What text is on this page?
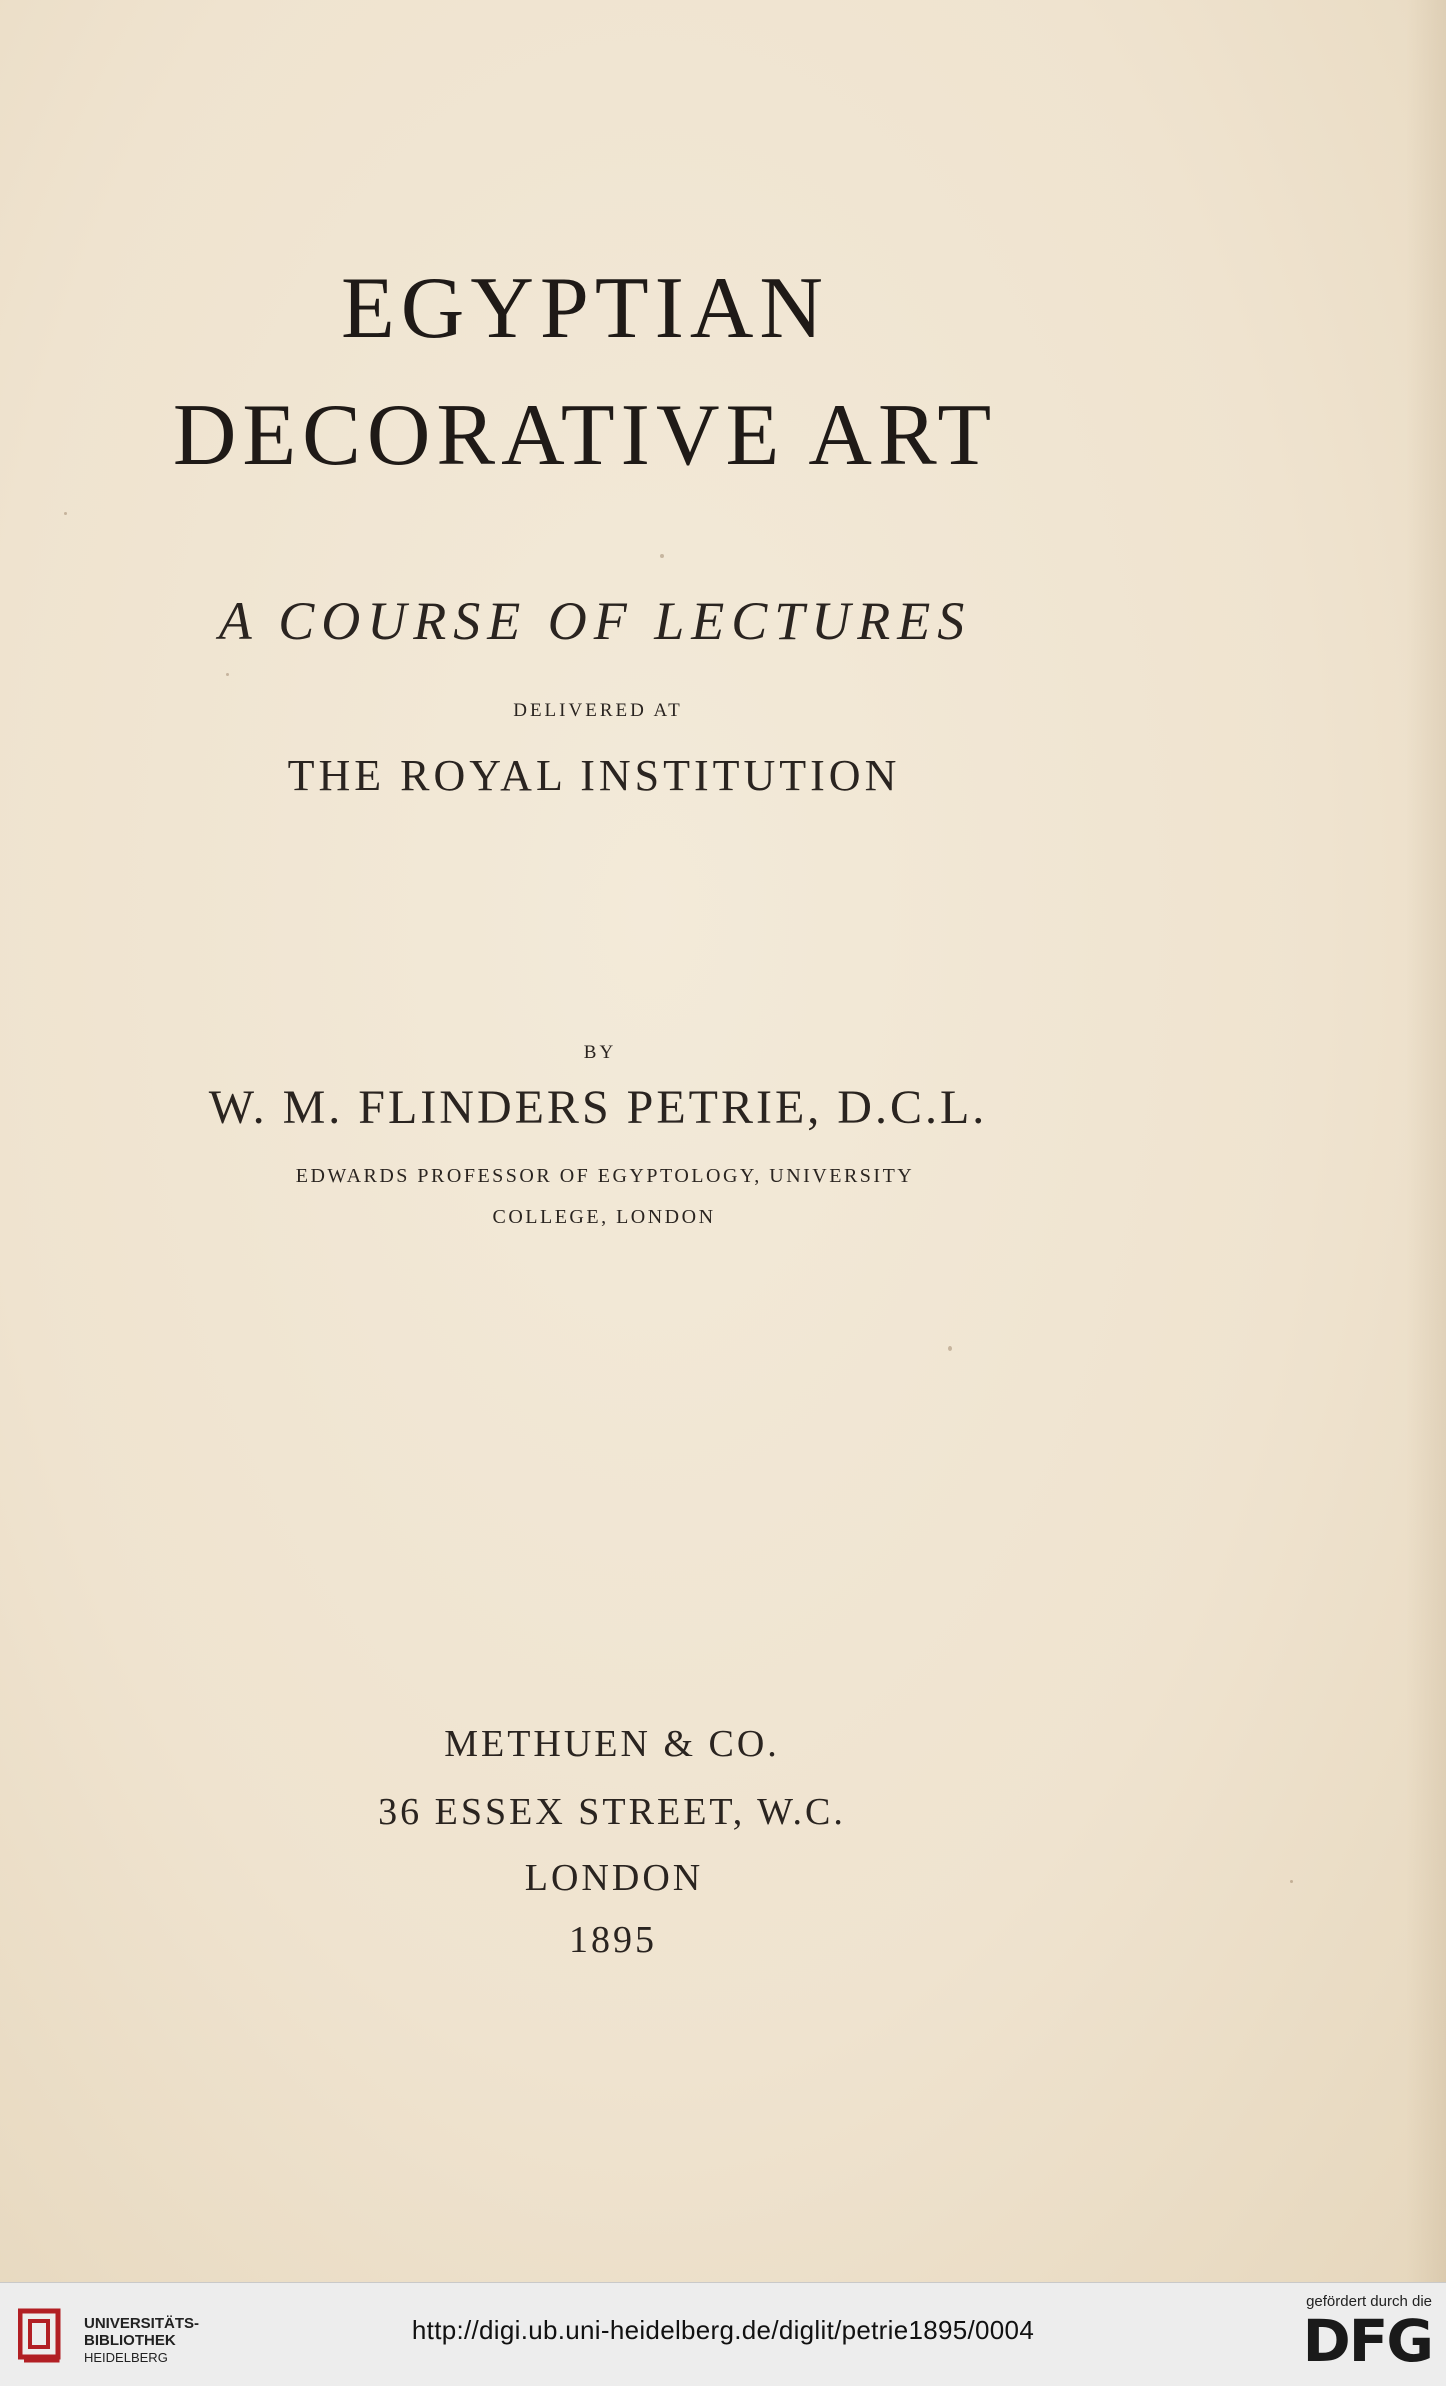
EGYPTIAN
DECORATIVE ART
A COURSE OF LECTURES
DELIVERED AT
THE ROYAL INSTITUTION
BY
W. M. FLINDERS PETRIE, D.C.L.
EDWARDS PROFESSOR OF EGYPTOLOGY, UNIVERSITY
COLLEGE, LONDON
METHUEN & CO.
36 ESSEX STREET, W.C.
LONDON
1895
UNIVERSITÄTS-
BIBLIOTHEK
HEIDELBERG
http://digi.ub.uni-heidelberg.de/diglit/petrie1895/0004
gefördert durch die
DFG
